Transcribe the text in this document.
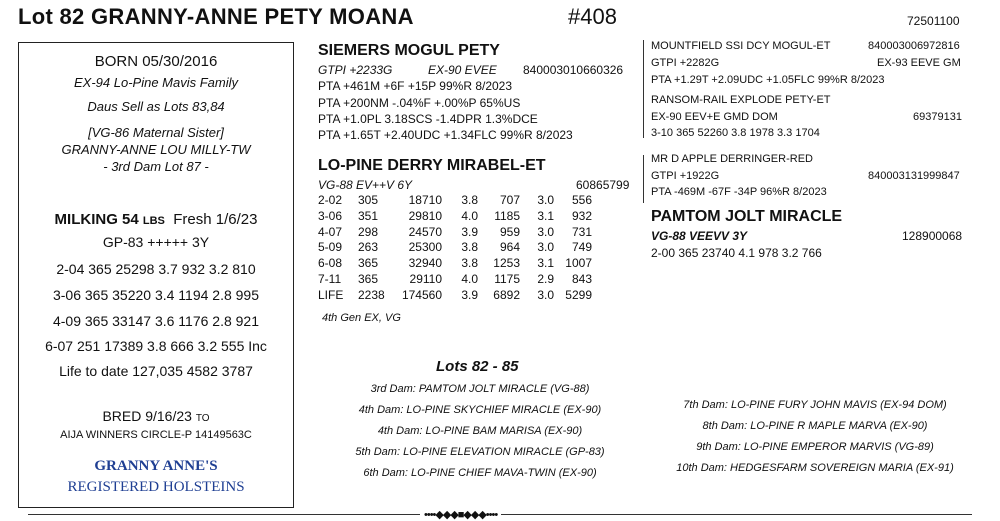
Lot 82 GRANNY-ANNE PETY MOANA	#408	72501100
BORN 05/30/2016
EX-94 Lo-Pine Mavis Family
Daus Sell as Lots 83,84
[VG-86 Maternal Sister]
GRANNY-ANNE LOU MILLY-TW
- 3rd Dam Lot 87 -
MILKING 54 LBS Fresh 1/6/23
GP-83 +++++ 3Y
2-04 365 25298 3.7 932 3.2 810
3-06 365 35220 3.4 1194 2.8 995
4-09 365 33147 3.6 1176 2.8 921
6-07 251 17389 3.8 666 3.2 555 Inc
Life to date 127,035 4582 3787
BRED 9/16/23 TO
AIJA WINNERS CIRCLE-P 14149563C
GRANNY ANNE'S
REGISTERED HOLSTEINS
SIEMERS MOGUL PETY
GTPI +2233G	EX-90 EVEE 840003010660326
PTA +461M +6F +15P 99%R 8/2023
PTA +200NM -.04%F +.00%P 65%US
PTA +1.0PL 3.18SCS -1.4DPR 1.3%DCE
PTA +1.65T +2.40UDC +1.34FLC 99%R 8/2023
LO-PINE DERRY MIRABEL-ET
VG-88 EV++V 6Y	60865799
2-02	305	18710	3.8	707	3.0	556
3-06	351	29810	4.0	1185	3.1	932
4-07	298	24570	3.9	959	3.0	731
5-09	263	25300	3.8	964	3.0	749
6-08	365	32940	3.8	1253	3.1	1007
7-11	365	29110	4.0	1175	2.9	843
LIFE	2238	174560	3.9	6892	3.0	5299
4th Gen EX, VG
MOUNTFIELD SSI DCY MOGUL-ET	840003006972816
GTPI +2282G	EX-93 EEVE GM
PTA +1.29T +2.09UDC +1.05FLC 99%R 8/2023
RANSOM-RAIL EXPLODE PETY-ET
EX-90 EEV+E GMD DOM	69379131
3-10 365 52260 3.8 1978 3.3 1704
MR D APPLE DERRINGER-RED
GTPI +1922G	840003131999847
PTA -469M -67F -34P 96%R 8/2023
PAMTOM JOLT MIRACLE
VG-88 VEEVV 3Y	128900068
2-00 365 23740 4.1 978 3.2 766
Lots 82 - 85
3rd Dam: PAMTOM JOLT MIRACLE (VG-88)
4th Dam: LO-PINE SKYCHIEF MIRACLE (EX-90)
4th Dam: LO-PINE BAM MARISA (EX-90)
5th Dam: LO-PINE ELEVATION MIRACLE (GP-83)
6th Dam: LO-PINE CHIEF MAVA-TWIN (EX-90)
7th Dam: LO-PINE FURY JOHN MAVIS (EX-94 DOM)
8th Dam: LO-PINE R MAPLE MARVA (EX-90)
9th Dam: LO-PINE EMPEROR MARVIS (VG-89)
10th Dam: HEDGESFARM SOVEREIGN MARIA (EX-91)
••••◆◆◆■◆◆◆••••
